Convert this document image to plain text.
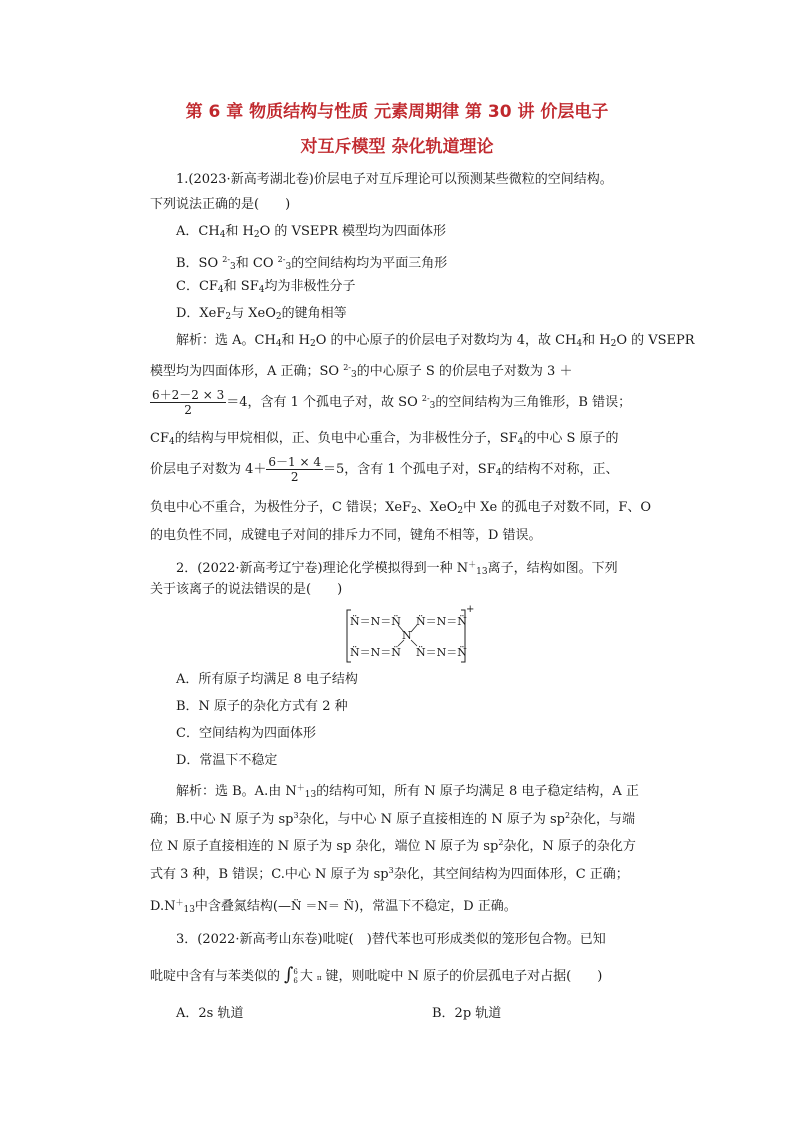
第 6 章 物质结构与性质 元素周期律 第 30 讲 价层电子
对互斥模型 杂化轨道理论
1.(2023·新高考湖北卷)价层电子对互斥理论可以预测某些微粒的空间结构。
下列说法正确的是(　　)
A．$CH_4$和 $H_2O$ 的 VSEPR 模型均为四面体形
B．SO $^{2-}_3$和 CO $^{2-}_3$的空间结构均为平面三角形
C．$CF_4$和 $SF_4$均为非极性分子
D．XeF$_2$与 XeO$_2$的键角相等
解析：选 A。$CH_4$和 $H_2O$ 的中心原子的价层电子对数均为 4，故 $CH_4$和 $H_2O$ 的 VSEPR
模型均为四面体形，A 正确；SO $^{2-}_3$的中心原子 S 的价层电子对数为 3 ＋
$\frac{6+2-2 \times 3}{2} =4$，含有 1 个孤电子对，故 SO $^{2-}_3$的空间结构为三角锥形，B 错误；
$CF_4$的结构与甲烷相似，正、负电中心重合，为非极性分子，$SF_4$的中心 S 原子的
价层电子对数为 $4+ \frac{6-1 \times 4}{2} =5$，含有 1 个孤电子对，$SF_4$的结构不对称，正、
负电中心不重合，为极性分子，C 错误；XeF$_2$、XeO$_2$中 Xe 的孤电子对数不同，F、O
的电负性不同，成键电子对间的排斥力不同，键角不相等，D 错误。
2．(2022·新高考辽宁卷)理论化学模拟得到一种 $N^+_{13}$离子，结构如图。下列
关于该离子的说法错误的是(　　)
N̈＝N＝N̈ N̈＝N＝N̈
N̈＝N＝N̈ N̈＝N＝N̈
N
+
A．所有原子均满足 8 电子结构
B．N 原子的杂化方式有 2 种
C．空间结构为四面体形
D．常温下不稳定
解析：选 B。A.由 $N^+_{13}$的结构可知，所有 N 原子均满足 8 电子稳定结构，A 正
确；B.中心 N 原子为 $sp^3$杂化，与中心 N 原子直接相连的 N 原子为 $sp^2$杂化，与端
位 N 原子直接相连的 N 原子为 sp 杂化，端位 N 原子为 $sp^2$杂化，N 原子的杂化方
式有 3 种，B 错误；C.中心 N 原子为 $sp^3$杂化，其空间结构为四面体形，C 正确；
$D.N^+_{13}$中含叠氮结构(—N̈ ＝N＝ N̈)，常温下不稳定，D 正确。
3．(2022·新高考山东卷)吡啶(　)替代苯也可形成类似的笼形包合物。已知
吡啶中含有与苯类似的 ∫ 6
6 大 π 键，则吡啶中 N 原子的价层孤电子对占据(　　)
A．2s 轨道	B．2p 轨道
